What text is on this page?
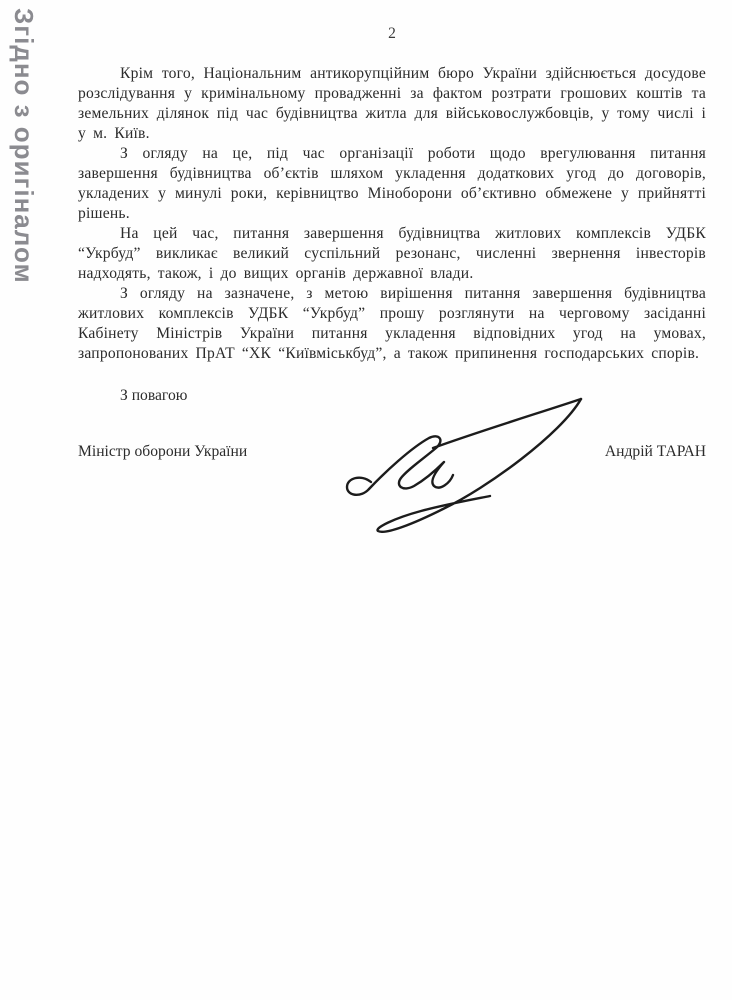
Згідно з оригіналом	2

Крім того, Національним антикорупційним бюро України здійснюється досудове розслідування у кримінальному провадженні за фактом розтрати грошових коштів та земельних ділянок під час будівництва житла для військовослужбовців, у тому числі і у м. Київ.

З огляду на це, під час організації роботи щодо врегулювання питання завершення будівництва об’єктів шляхом укладення додаткових угод до договорів, укладених у минулі роки, керівництво Міноборони об’єктивно обмежене у прийнятті рішень.

На цей час, питання завершення будівництва житлових комплексів УДБК “Укрбуд” викликає великий суспільний резонанс, численні звернення інвесторів надходять, також, і до вищих органів державної влади.

З огляду на зазначене, з метою вирішення питання завершення будівництва житлових комплексів УДБК “Укрбуд” прошу розглянути на черговому засіданні Кабінету Міністрів України питання укладення відповідних угод на умовах, запропонованих ПрАТ “ХК “Київміськбуд”, а також припинення господарських спорів.

З повагою
Міністр оборони України	Андрій ТАРАН
